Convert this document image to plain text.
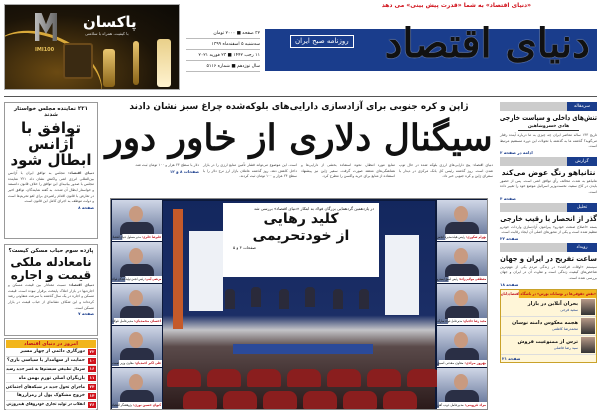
IMI100
پاکسان
با کیفیت، همراه با سلامتی
«دنیای اقتصاد» به شما «قدرت پیش بینی» می دهد
دنیای اقتصاد
روزنامه صبح ایران
۳۲ صفحه ■ ۲۰۰۰ تومان
سه‌شنبه ۵ اسفندماه ۱۳۹۹
۱۱ رجب ۱۴۴۲ ■ ۲۳ فوریه ۲۰۲۱
سال نوزدهم ■ شماره ۵۱۱۶
۲۲۱ نماینده مجلس خواستار شدند
توافق با آژانس ابطال شود
دنیای اقتصاد: مجلس به توافق ایران با آژانس بین‌المللی انرژی اتمی واکنش نشان داد. ۲۲۱ نماینده مجلس با صدور بیانیه‌ای این توافق را خلاف قانون دانستند و خواستار ابطال آن شدند. به گفته نمایندگان، توافق اخیر در تعارض با قانون اقدام راهبردی برای لغو تحریم‌ها است و دولت موظف به اجرای کامل این قانون است.
صفحه ۸
پازده سوم حباب مسکن کیست؟
نامعادله ملکی قیمت و اجاره
دنیای اقتصاد: نسبت معنادار بین قیمت مسکن و اجاره‌بها در بازار املاک پایتخت برقرار نبوده است. قیمت مسکن و اجاره در یک سال گذشته با سرعت متفاوتی رشد کرده‌اند و این شکاف نشانه‌ای از حباب قیمت در بازار مسکن است.
صفحه ۷
امروز در دنیای اقتصاد
۲۲
دوزگاری دائمی از چهار مسیر
۱۰
حمایت از سهامدار یا سیاسی بازی؟
۱۶
سرمال تطبیقی سیستم‌ها به عصر جدید رسید
۱۱
بازیگران اصلی تورم بهمن ماه
۲۴
ماجرای تحول جدید در شبکه‌های اجتماعی
۱۴
خروج مشکوک پول از رمزارزها
۲۶
انقلاب در تولید تجاری خودروهای هیدروژنی
ژاپن و کره جنوبی برای آزادسازی دارایی‌های بلوکه‌شده چراغ سبز نشان دادند
سیگنال دلاری از خاور دور
دنیای اقتصاد: پنج دارایی‌های ارزی بلوکه شده در حال توپ شدن است. روز گذشته رئیس کل بانک مرکزی در دیدار با سفرای ژاپن و کره جنوبی خبر داد.
منابع مورد انتظار، نحوه استفاده بخشی از دارایی‌ها و هماهنگی‌های منعقد صورت گرفت. سفیر ژاپن نیز پیشنهاد استفاده از منابع برای خرید واکسن را مطرح کرد.
است. این موضوع می‌تواند فشار تأمین منابع ارزی را در بازار داخل کاهش دهد. روز گذشته عاملان بازار ارز نرخ دلار را با سطح ۲۴ هزار و ۱۰۰ تومان ثبت کردند.
دلار با سطح ۲۴ هزار و ۱۰۰ تومان ثبت شد.
صفحات ۸ و ۱۲
در یازدهمین گردهمایی بزرگان فولاد به ابتکار «دنیای اقتصاد» بررسی شد
کلید رهایی
از خودتحریمی
صفحات ۳ و ۵
علیرضا حائری: مدیر مسئول دنیای اقتصاد
مرتضی آیتی: رئیس انجمن تولیدکنندگان فولاد
احسان محمدیان: مدیرعامل فولاد
علی اکبر احمدیان: معاون وزیر صمت
کیوان حسین نوری: پژوهشگر اقتصاد
بهرام شکوری: رئیس هیئت‌مدیره انجمن
مصطفی مولایی‌زاده: رئیس اسبق ایمیدرو
مجید رضا حاجیان: مدیرعامل فولاد مبارکه
بهروز مرادی: معاون معدنی اسبق
مراد قزوینی: مدیرعامل ذوب آهن
سرمقاله
تنش‌های داخلی و سیاست خارجی
هادی خسروشاهین
تاریخ ۱۴۳ ساله معاصر ایران چه چیزی به ما درباره آینده رفتار می‌گوید؟ گذشته ما به گذشته با تحولات این دوره مستقیم مرتبط است.
ادامه در صفحه ۲
گزارش
نتانیاهو رنگ عوض می‌کند
نتانیاهو به شدت مخالف رأی توافق اتمی است. پس از حضور بایدن در کاخ سفید، نخست‌وزیر اسرائیل موضع خود را تغییر داده است.
صفحه ۴
تحلیل
گذر از انحصار با رقیب خارجی
بسته «اصلاح صنعت خودرو» پیرامون آزادسازی واردات خودرو تنظیم شده است و یکی از محورهای اصلی آن ایجاد رقابت است.
صفحه ۲۲
رویداد
ساعت تفریح در ایران و جهان
سیستم «اوقات فراغت» در زندگی مردم یکی از مهم‌ترین شاخص‌های کیفیت زندگی است و تفاوت آن در ایران و جهان بررسی شده است.
صفحه ۱۸
«نقش حقوقی‌ها در نوسانات بورس» در باشگاه اقتصاددانان
بحران آنلاین در بازار
سعید فرجی
هجمه معکوس دامنه نوسان
محمدرضا کاظمی
ترس از ممنوعیت فروش
سید رضا فاضلی
صفحه ۲۱
